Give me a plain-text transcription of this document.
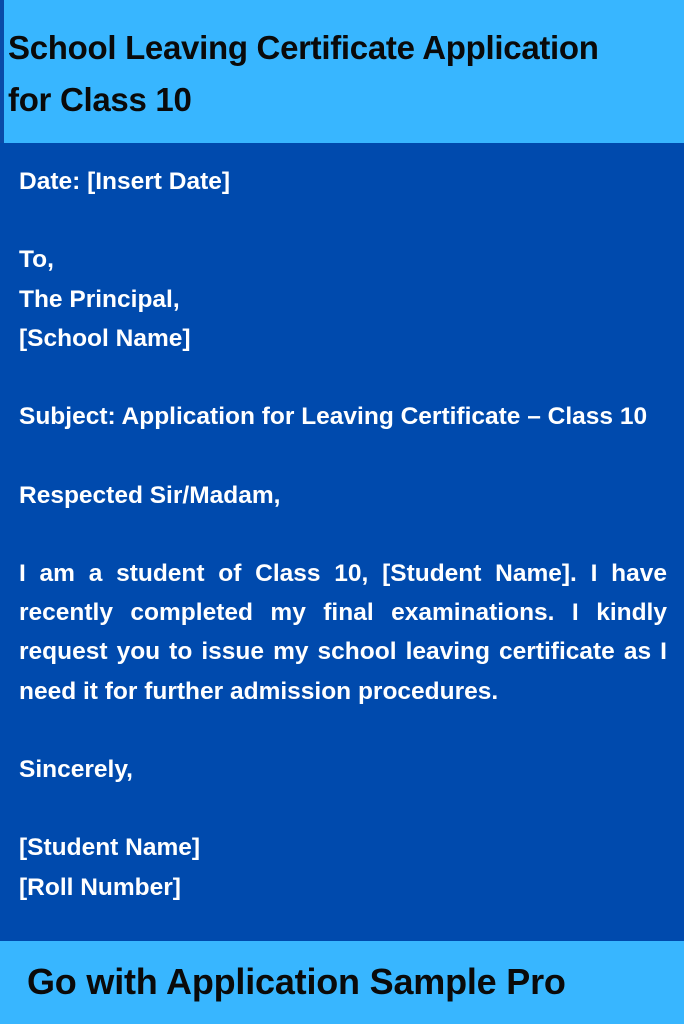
School Leaving Certificate Application
for Class 10

Date: [Insert Date]

To,

The Principal,

[School Name]

Subject: Application for Leaving Certificate – Class 10

Respected Sir/Madam,

I am a student of Class 10, [Student Name]. I have recently completed my final examinations. I kindly request you to issue my school leaving certificate as I need it for further admission procedures.

Sincerely,

[Student Name]

[Roll Number]

Go with Application Sample Pro
